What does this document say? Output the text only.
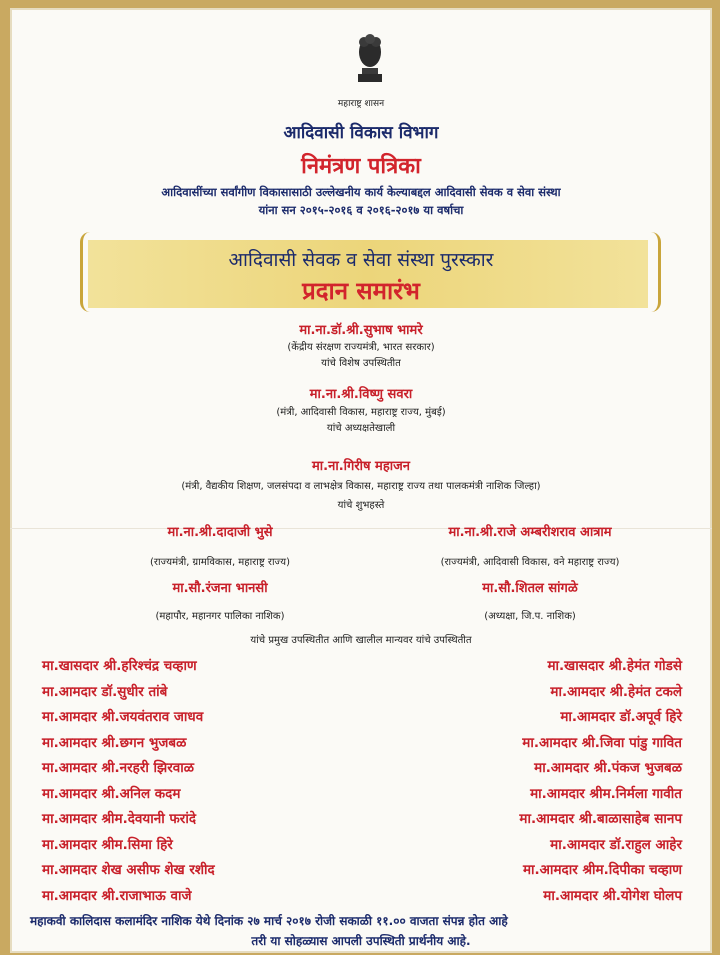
महाराष्ट्र शासन
आदिवासी विकास विभाग
निमंत्रण पत्रिका
आदिवासींच्या सर्वांगीण विकासासाठी उल्लेखनीय कार्य केल्याबद्दल आदिवासी सेवक व सेवा संस्था
यांना सन २०१५-२०१६ व २०१६-२०१७ या वर्षाचा
आदिवासी सेवक व सेवा संस्था पुरस्कार
प्रदान समारंभ
मा.ना.डॉ.श्री.सुभाष भामरे
(केंद्रीय संरक्षण राज्यमंत्री, भारत सरकार)
यांचे विशेष उपस्थितीत
मा.ना.श्री.विष्णु सवरा
(मंत्री, आदिवासी विकास, महाराष्ट्र राज्य, मुंबई)
यांचे अध्यक्षतेखाली
मा.ना.गिरीष महाजन
(मंत्री, वैद्यकीय शिक्षण, जलसंपदा व लाभक्षेत्र विकास, महाराष्ट्र राज्य तथा पालकमंत्री नाशिक जिल्हा)
यांचे शुभहस्ते
मा.ना.श्री.दादाजी भुसे
(राज्यमंत्री, ग्रामविकास, महाराष्ट्र राज्य)
मा.ना.श्री.राजे अम्बरीशराव आत्राम
(राज्यमंत्री, आदिवासी विकास, वने महाराष्ट्र राज्य)
मा.सौ.रंजना भानसी
(महापौर, महानगर पालिका नाशिक)
मा.सौ.शितल सांगळे
(अध्यक्षा, जि.प. नाशिक)
यांचे प्रमुख उपस्थितीत आणि खालील मान्यवर यांचे उपस्थितीत
मा.खासदार श्री.हरिश्चंद्र चव्हाण
मा.आमदार डॉ.सुधीर तांबे
मा.आमदार श्री.जयवंतराव जाधव
मा.आमदार श्री.छगन भुजबळ
मा.आमदार श्री.नरहरी झिरवाळ
मा.आमदार श्री.अनिल कदम
मा.आमदार श्रीम.देवयानी फरांदे
मा.आमदार श्रीम.सिमा हिरे
मा.आमदार शेख असीफ शेख रशीद
मा.आमदार श्री.राजाभाऊ वाजे
मा.खासदार श्री.हेमंत गोडसे
मा.आमदार श्री.हेमंत टकले
मा.आमदार डॉ.अपूर्व हिरे
मा.आमदार श्री.जिवा पांडु गावित
मा.आमदार श्री.पंकज भुजबळ
मा.आमदार श्रीम.निर्मला गावीत
मा.आमदार श्री.बाळासाहेब सानप
मा.आमदार डॉ.राहुल आहेर
मा.आमदार श्रीम.दिपीका चव्हाण
मा.आमदार श्री.योगेश घोलप
महाकवी कालिदास कलामंदिर नाशिक येथे दिनांक २७ मार्च २०१७ रोजी सकाळी ११.०० वाजता संपन्न होत आहे
तरी या सोहळ्यास आपली उपस्थिती प्रार्थनीय आहे.
